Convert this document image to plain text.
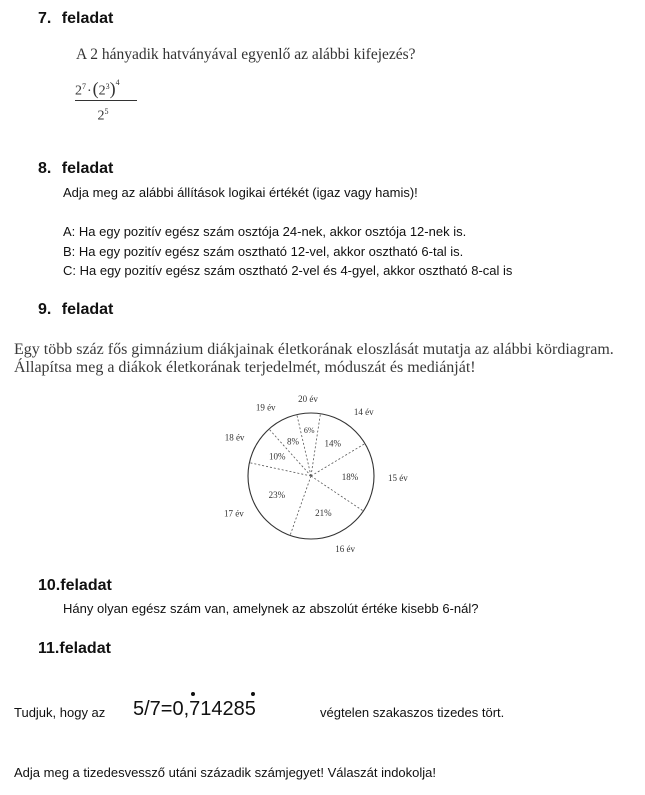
7. feladat
A 2 hányadik hatványával egyenlő az alábbi kifejezés?
$2^7\cdot(2^3)^4$
$2^5$
8. feladat
Adja meg az alábbi állítások logikai értékét (igaz vagy hamis)!
A: Ha egy pozitív egész szám osztója 24-nek, akkor osztója 12-nek is.
B: Ha egy pozitív egész szám osztható 12-vel, akkor osztható 6-tal is.
C: Ha egy pozitív egész szám osztható 2-vel és 4-gyel, akkor osztható 8-cal is
9. feladat
Egy több száz fős gimnázium diákjainak életkorának eloszlását mutatja az alábbi kördiagram.
Állapítsa meg a diákok életkorának terjedelmét, móduszát és mediánját!
14%
14 év
18%	15 év
21%
16 év
23%
17 év
10%
18 év	8%
19 év
6%
20 év
10.feladat
Hány olyan egész szám van, amelynek az abszolút értéke kisebb 6-nál?
11.feladat
Tudjuk, hogy az 5/7=0,714285	végtelen szakaszos tizedes tört.
Adja meg a tizedesvessző utáni századik számjegyet! Válaszát indokolja!
